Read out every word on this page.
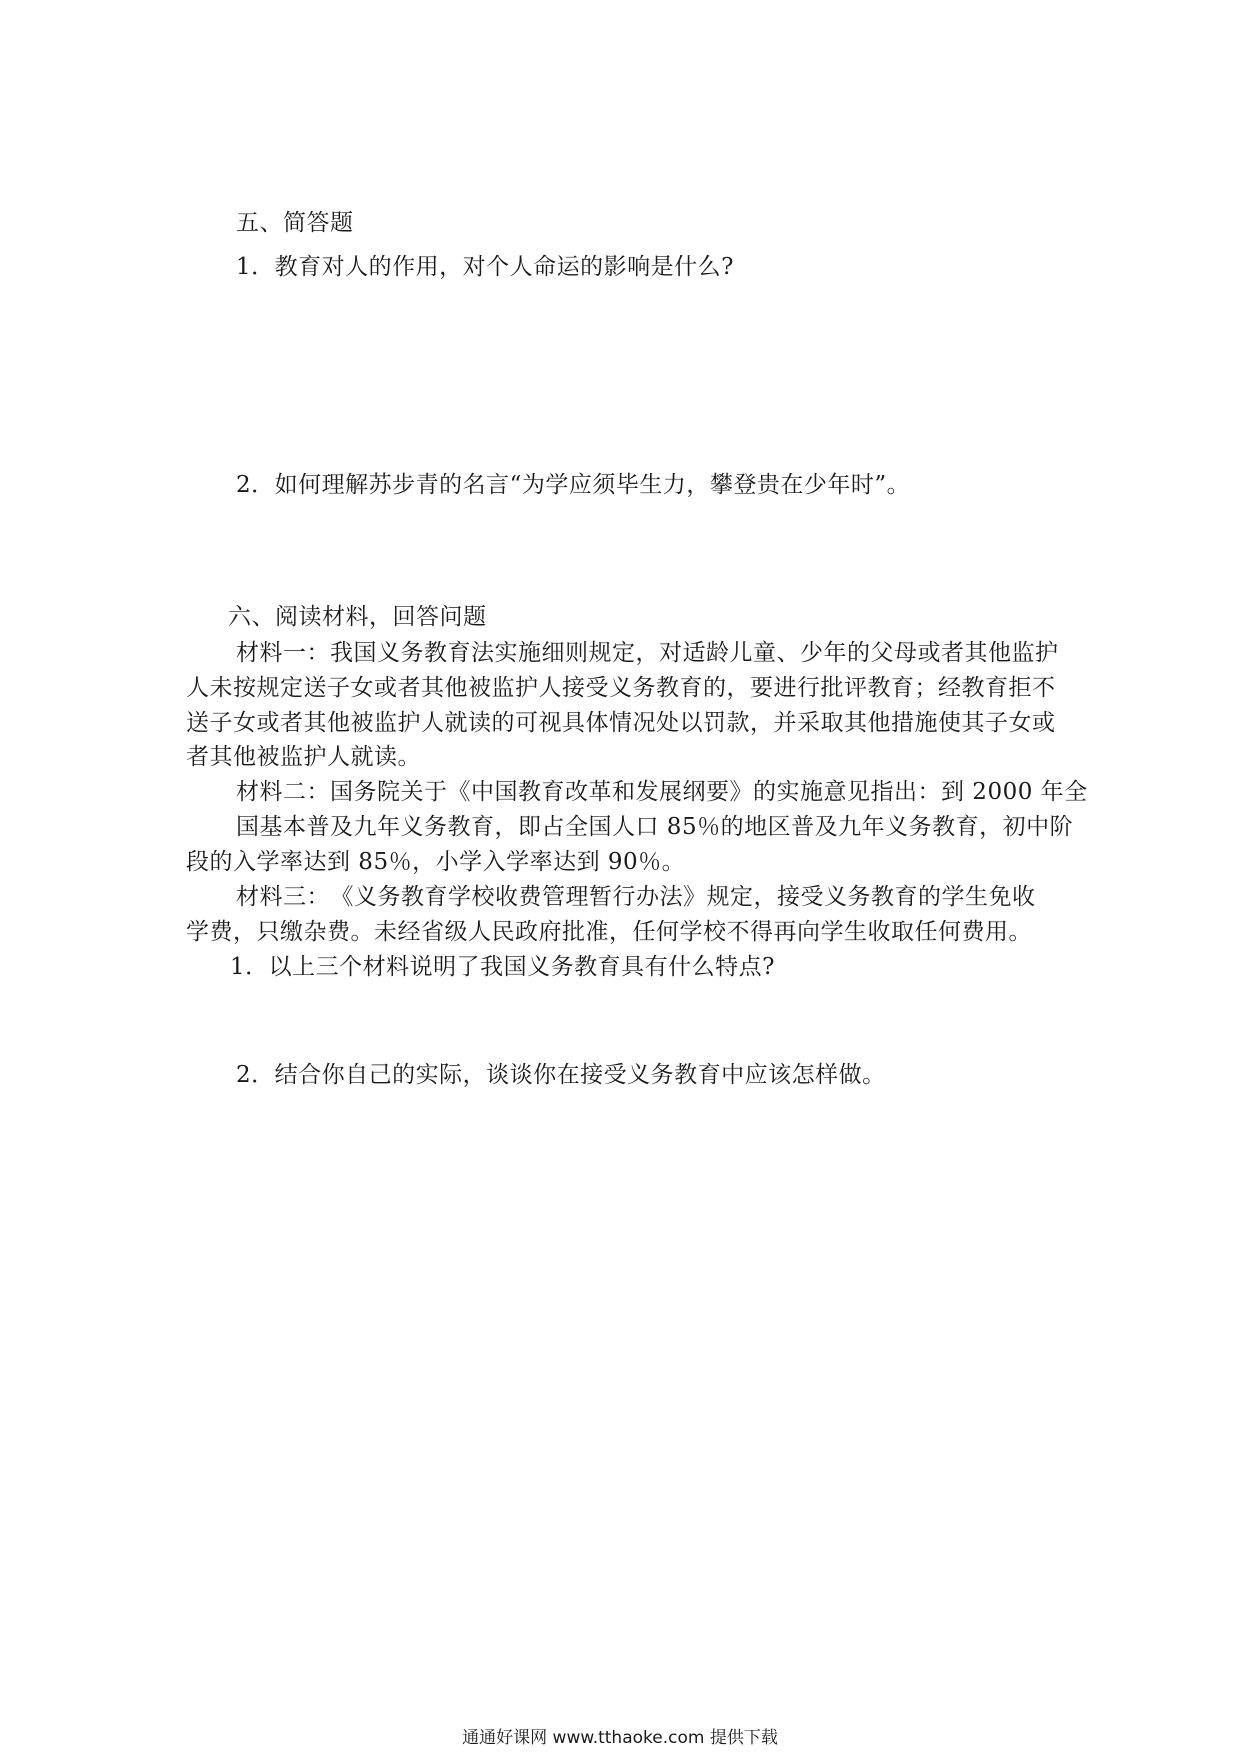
五、简答题
1．教育对人的作用，对个人命运的影响是什么?
2．如何理解苏步青的名言“为学应须毕生力，攀登贵在少年时”。
六、阅读材料，回答问题
材料一：我国义务教育法实施细则规定，对适龄儿童、少年的父母或者其他监护
人未按规定送子女或者其他被监护人接受义务教育的，要进行批评教育；经教育拒不
送子女或者其他被监护人就读的可视具体情况处以罚款，并采取其他措施使其子女或
者其他被监护人就读。
材料二：国务院关于《中国教育改革和发展纲要》的实施意见指出：到 2000 年全
国基本普及九年义务教育，即占全国人口 85％的地区普及九年义务教育，初中阶
段的入学率达到 85％，小学入学率达到 90％。
材料三：　《义务教育学校收费管理暂行办法》规定，接受义务教育的学生免收
学费，只缴杂费。未经省级人民政府批准，任何学校不得再向学生收取任何费用。
1．以上三个材料说明了我国义务教育具有什么特点?
2．结合你自己的实际，谈谈你在接受义务教育中应该怎样做。
通通好课网 www.tthaoke.com 提供下载
